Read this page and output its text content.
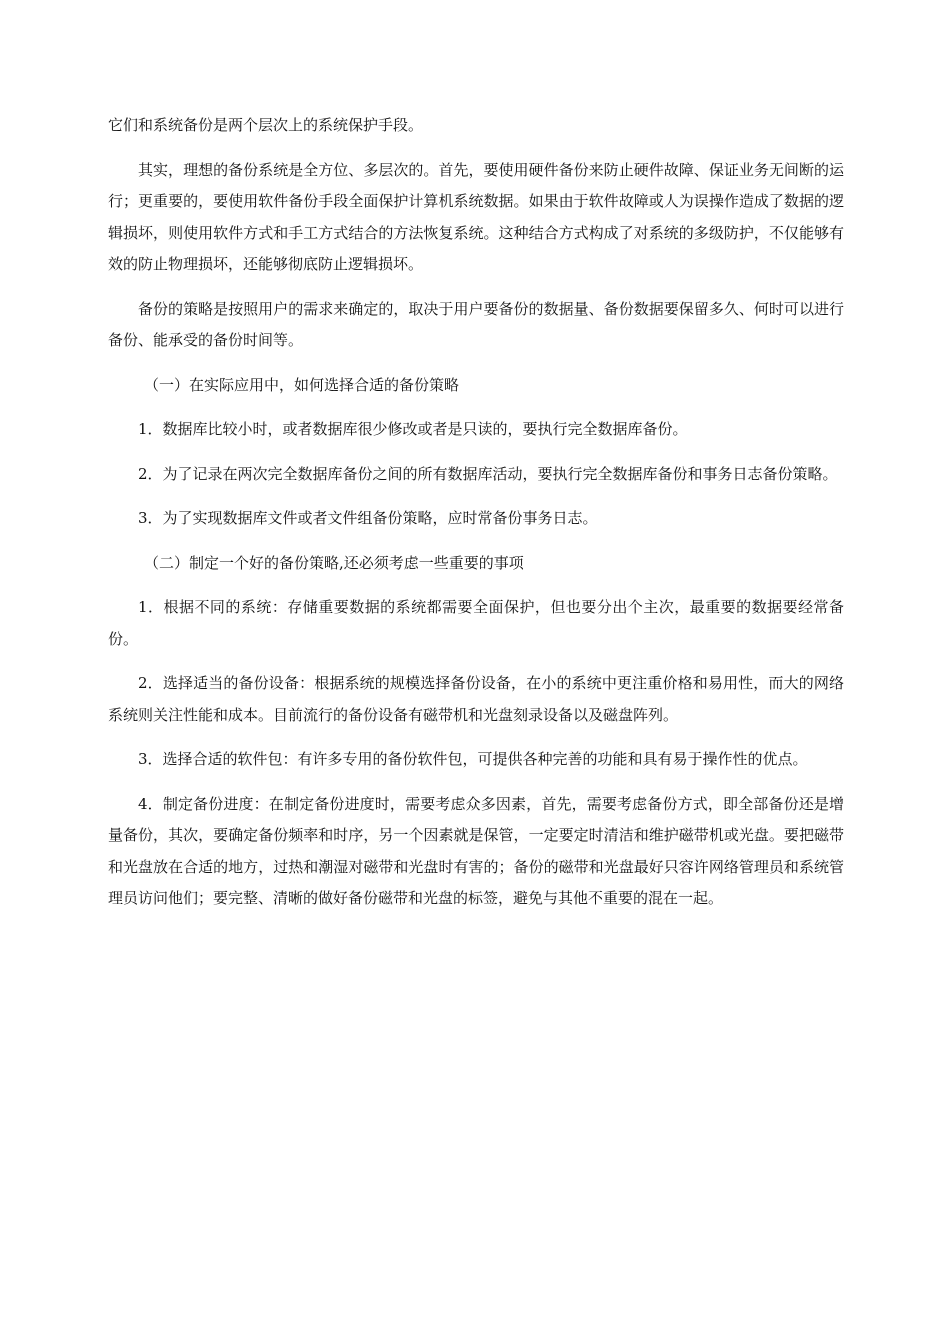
它们和系统备份是两个层次上的系统保护手段。

其实，理想的备份系统是全方位、多层次的。首先，要使用硬件备份来防止硬件故障、保证业务无间断的运行；更重要的，要使用软件备份手段全面保护计算机系统数据。如果由于软件故障或人为误操作造成了数据的逻辑损坏，则使用软件方式和手工方式结合的方法恢复系统。这种结合方式构成了对系统的多级防护，不仅能够有效的防止物理损坏，还能够彻底防止逻辑损坏。

备份的策略是按照用户的需求来确定的，取决于用户要备份的数据量、备份数据要保留多久、何时可以进行备份、能承受的备份时间等。

（一）在实际应用中，如何选择合适的备份策略

1．数据库比较小时，或者数据库很少修改或者是只读的，要执行完全数据库备份。

2．为了记录在两次完全数据库备份之间的所有数据库活动，要执行完全数据库备份和事务日志备份策略。

3．为了实现数据库文件或者文件组备份策略，应时常备份事务日志。

（二）制定一个好的备份策略,还必须考虑一些重要的事项

1．根据不同的系统：存储重要数据的系统都需要全面保护，但也要分出个主次，最重要的数据要经常备份。

2．选择适当的备份设备：根据系统的规模选择备份设备，在小的系统中更注重价格和易用性，而大的网络系统则关注性能和成本。目前流行的备份设备有磁带机和光盘刻录设备以及磁盘阵列。

3．选择合适的软件包：有许多专用的备份软件包，可提供各种完善的功能和具有易于操作性的优点。

4．制定备份进度：在制定备份进度时，需要考虑众多因素，首先，需要考虑备份方式，即全部备份还是增量备份，其次，要确定备份频率和时序，另一个因素就是保管，一定要定时清洁和维护磁带机或光盘。要把磁带和光盘放在合适的地方，过热和潮湿对磁带和光盘时有害的；备份的磁带和光盘最好只容许网络管理员和系统管理员访问他们；要完整、清晰的做好备份磁带和光盘的标签，避免与其他不重要的混在一起。
